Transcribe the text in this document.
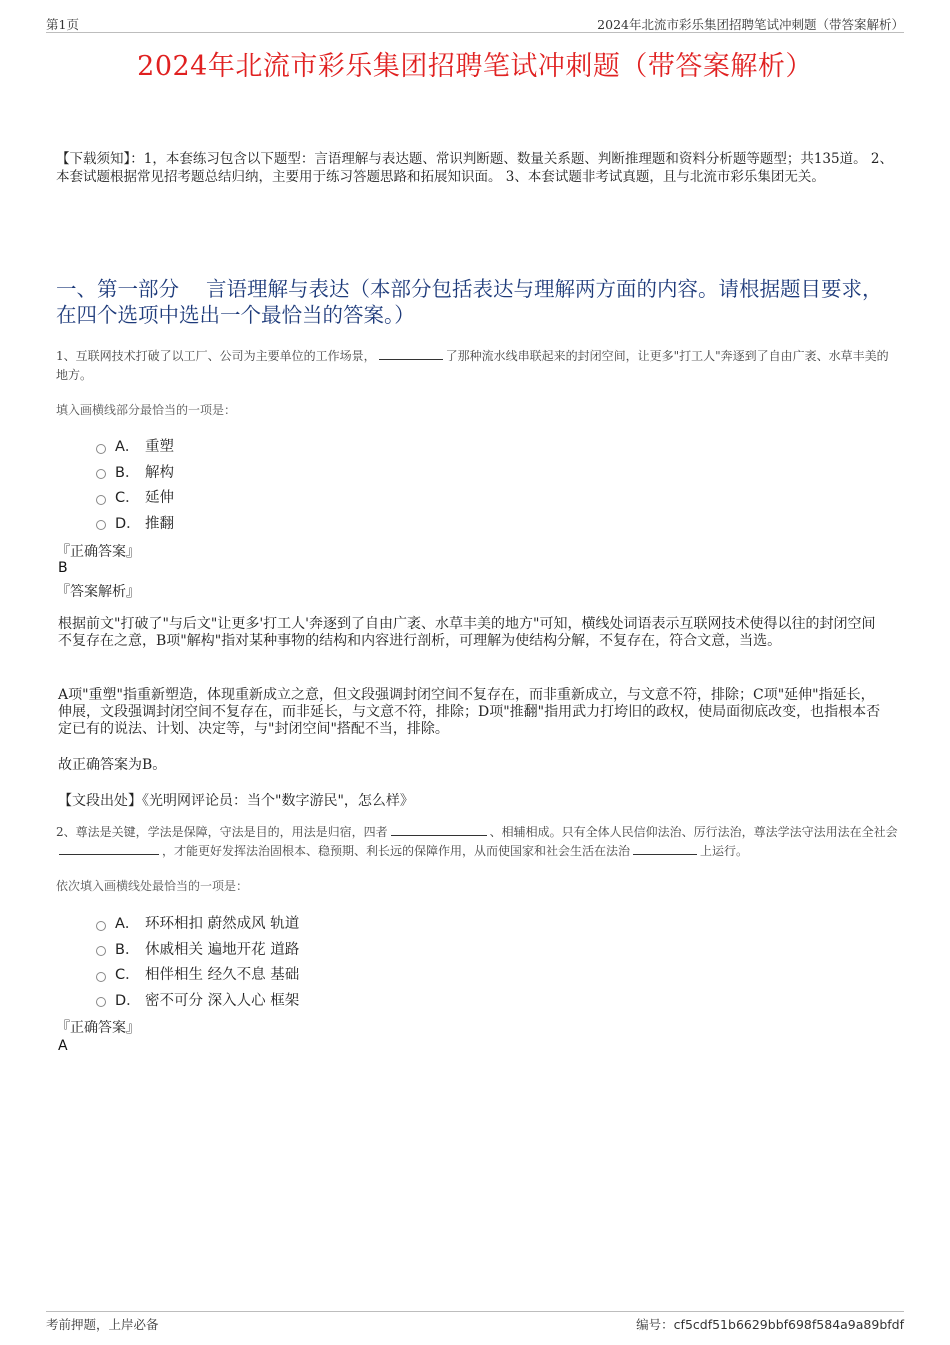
第1页	2024年北流市彩乐集团招聘笔试冲刺题（带答案解析）
2024年北流市彩乐集团招聘笔试冲刺题（带答案解析）
【下载须知】：1，本套练习包含以下题型：言语理解与表达题、常识判断题、数量关系题、判断推理题和资料分析题等题型；共135道。 2、本套试题根据常见招考题总结归纳，主要用于练习答题思路和拓展知识面。 3、本套试题非考试真题，且与北流市彩乐集团无关。
一、第一部分　 言语理解与表达（本部分包括表达与理解两方面的内容。请根据题目要求，在四个选项中选出一个最恰当的答案。）
1、互联网技术打破了以工厂、公司为主要单位的工作场景，	了那种流水线串联起来的封闭空间，让更多"打工人"奔逐到了自由广袤、水草丰美的地方。
填入画横线部分最恰当的一项是：
A． 重塑
B． 解构
C． 延伸
D． 推翻
『正确答案』
B
『答案解析』
根据前文"打破了"与后文"让更多'打工人'奔逐到了自由广袤、水草丰美的地方"可知，横线处词语表示互联网技术使得以往的封闭空间不复存在之意，B项"解构"指对某种事物的结构和内容进行剖析，可理解为使结构分解，不复存在，符合文意，当选。
A项"重塑"指重新塑造，体现重新成立之意，但文段强调封闭空间不复存在，而非重新成立，与文意不符，排除；C项"延伸"指延长，伸展，文段强调封闭空间不复存在，而非延长，与文意不符，排除；D项"推翻"指用武力打垮旧的政权，使局面彻底改变，也指根本否定已有的说法、计划、决定等，与"封闭空间"搭配不当，排除。
故正确答案为B。
【文段出处】《光明网评论员：当个"数字游民"，怎么样》
2、尊法是关键，学法是保障，守法是目的，用法是归宿，四者	、相辅相成。只有全体人民信仰法治、厉行法治，尊法学法守法用法在全社会，才能更好发挥法治固根本、稳预期、利长远的保障作用，从而使国家和社会生活在法治	上运行。
依次填入画横线处最恰当的一项是：
A． 环环相扣 蔚然成风 轨道
B． 休戚相关 遍地开花 道路
C． 相伴相生 经久不息 基础
D． 密不可分 深入人心 框架
『正确答案』
A
考前押题，上岸必备	编号：cf5cdf51b6629bbf698f584a9a89bfdf
